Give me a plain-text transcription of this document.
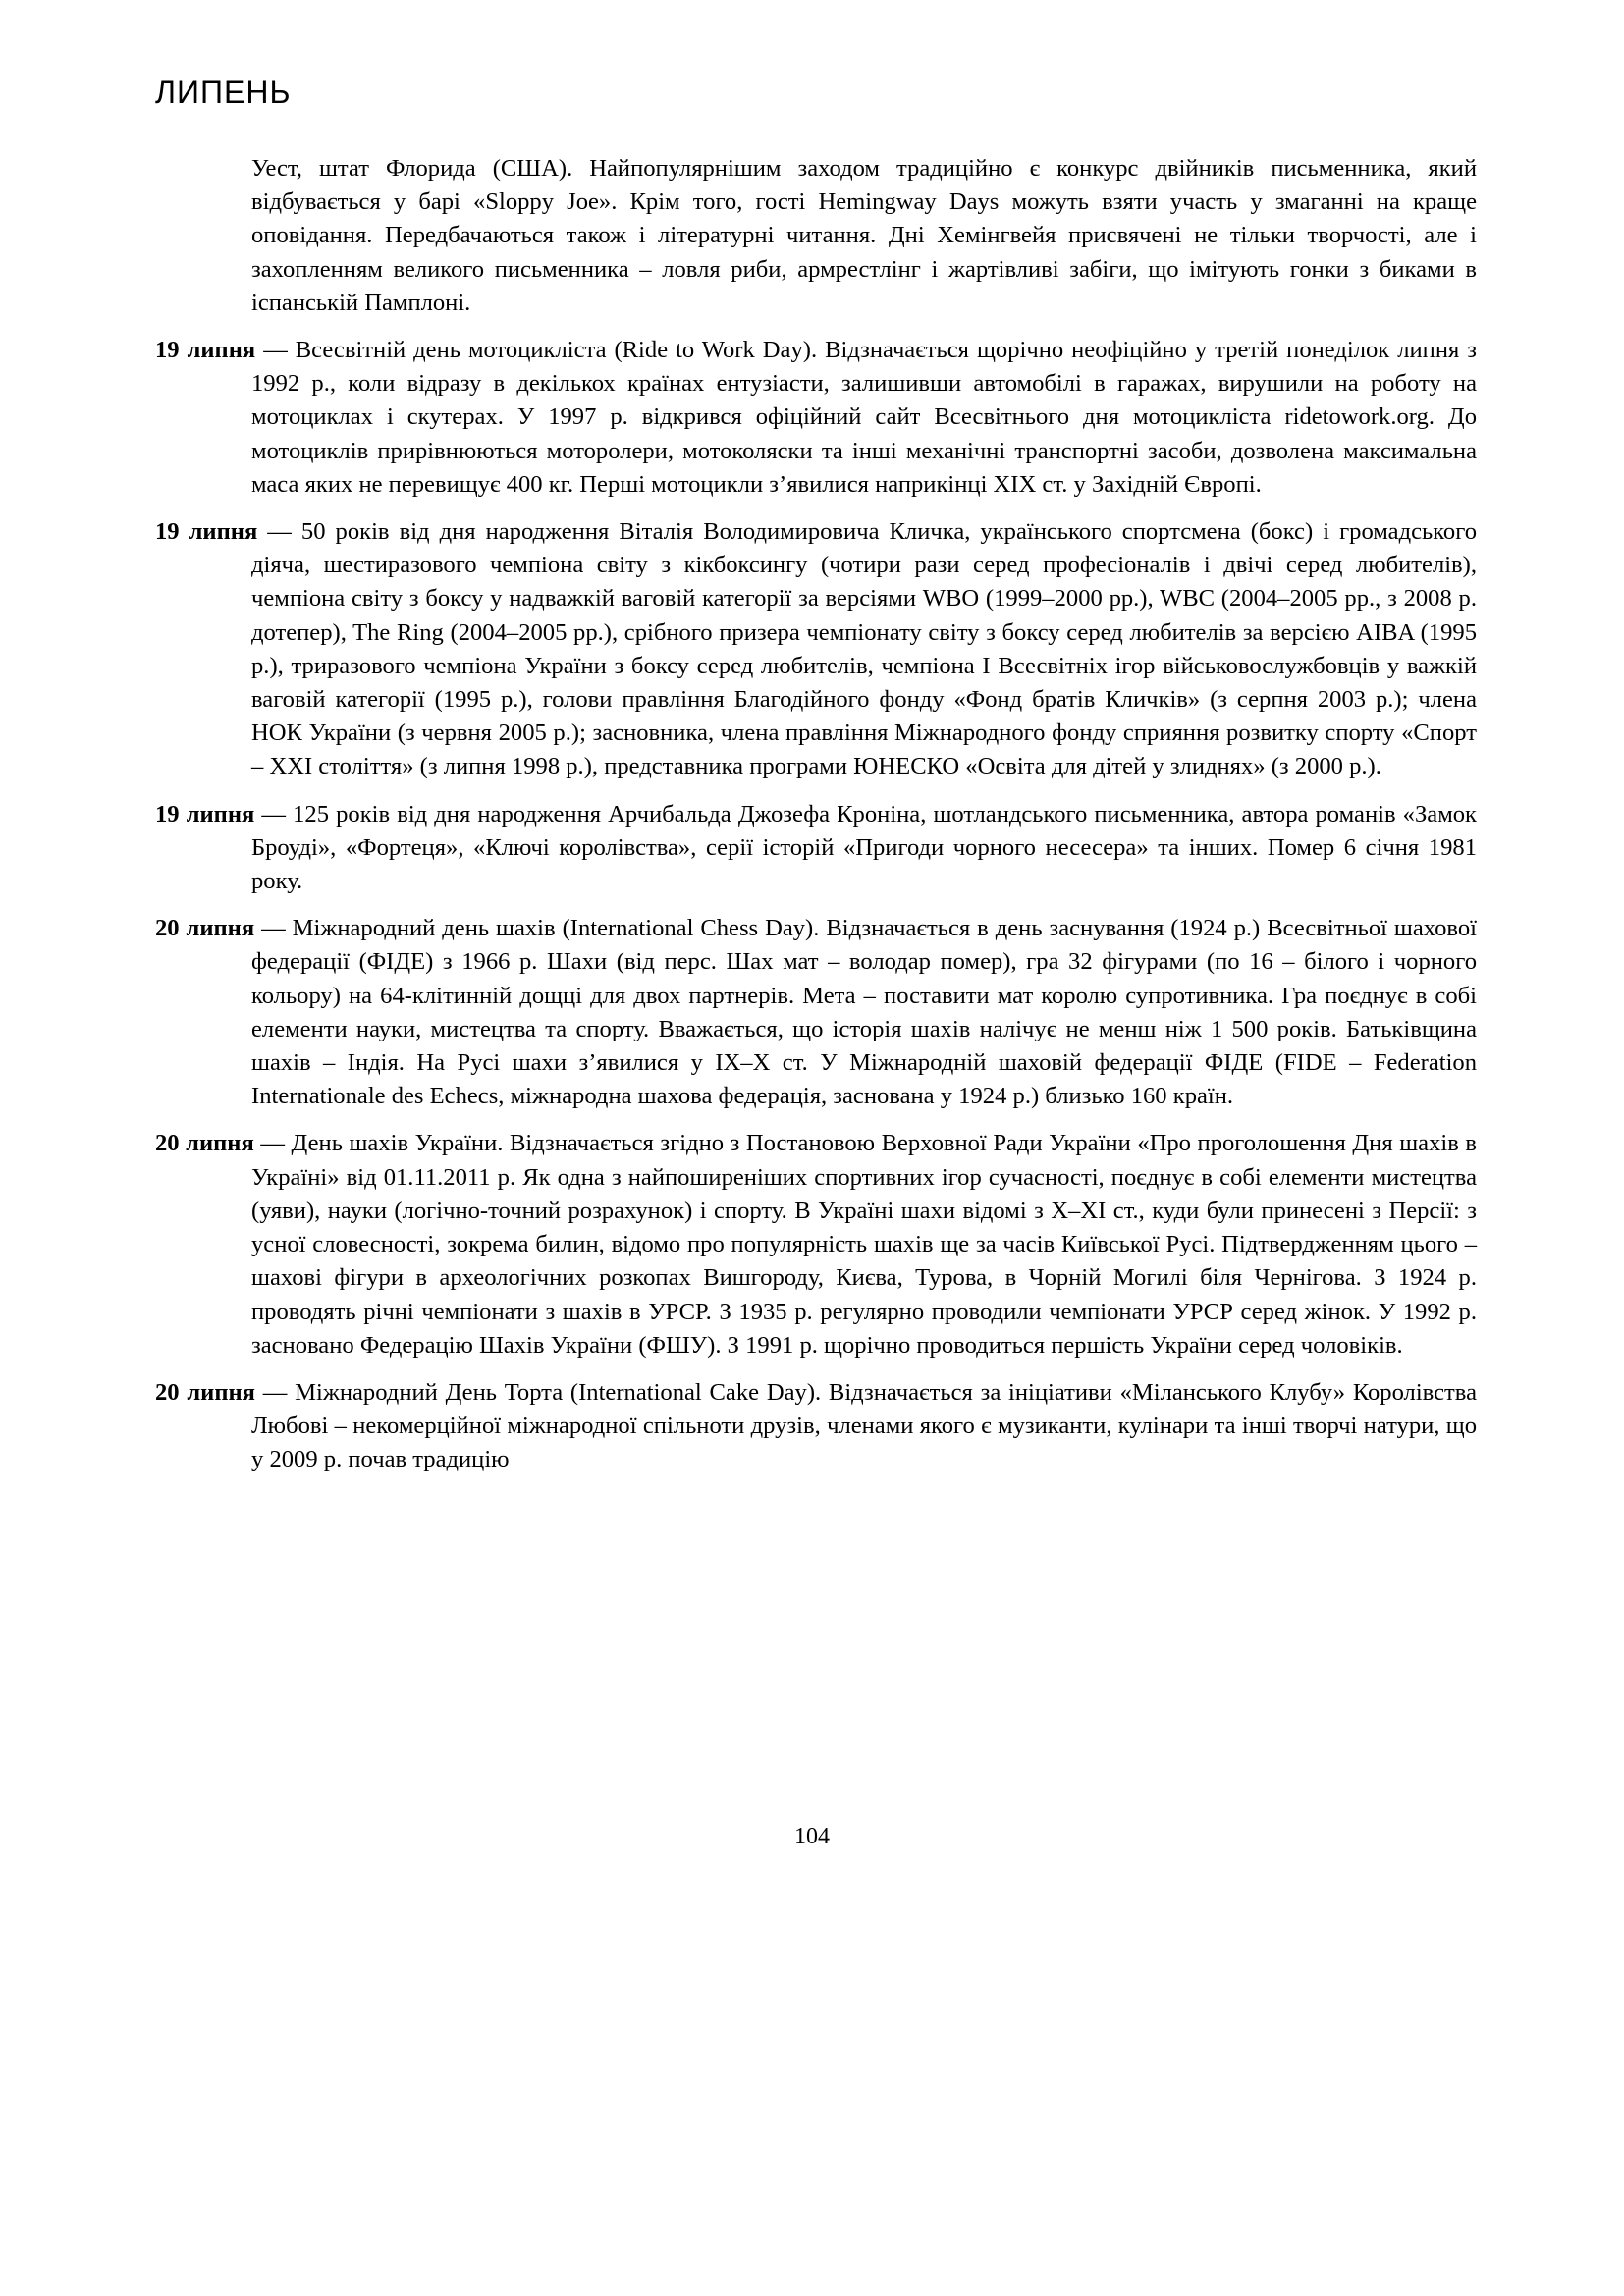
ЛИПЕНЬ

Уест, штат Флорида (США). Найпопулярнішим заходом традиційно є конкурс двійників письменника, який відбувається у барі «Sloppy Joe». Крім того, гості Hemingway Days можуть взяти участь у змаганні на краще оповідання. Передбачаються також і літературні читання. Дні Хемінгвейя присвячені не тільки творчості, але і захопленням великого письменника – ловля риби, армрестлінг і жартівливі забіги, що імітують гонки з биками в іспанській Памплоні.

19 липня — Всесвітній день мотоцикліста (Ride to Work Day). Відзначається щорічно неофіційно у третій понеділок липня з 1992 р., коли відразу в декількох країнах ентузіасти, залишивши автомобілі в гаражах, вирушили на роботу на мотоциклах і скутерах. У 1997 р. відкрився офіційний сайт Всесвітнього дня мотоцикліста ridetowork.org. До мотоциклів прирівнюються моторолери, мотоколяски та інші механічні транспортні засоби, дозволена максимальна маса яких не перевищує 400 кг. Перші мотоцикли з’явилися наприкінці XIX ст. у Західній Європі.

19 липня — 50 років від дня народження Віталія Володимировича Кличка, українського спортсмена (бокс) і громадського діяча, шестиразового чемпіона світу з кікбоксингу (чотири рази серед професіоналів і двічі серед любителів), чемпіона світу з боксу у надважкій ваговій категорії за версіями WBO (1999–2000 рр.), WBC (2004–2005 рр., з 2008 р. дотепер), The Ring (2004–2005 рр.), срібного призера чемпіонату світу з боксу серед любителів за версією AIBA (1995 р.), триразового чемпіона України з боксу серед любителів, чемпіона I Всесвітніх ігор військовослужбовців у важкій ваговій категорії (1995 р.), голови правління Благодійного фонду «Фонд братів Кличків» (з серпня 2003 р.); члена НОК України (з червня 2005 р.); засновника, члена правління Міжнародного фонду сприяння розвитку спорту «Спорт – XXI століття» (з липня 1998 р.), представника програми ЮНЕСКО «Освіта для дітей у злиднях» (з 2000 р.).

19 липня — 125 років від дня народження Арчибальда Джозефа Кроніна, шотландського письменника, автора романів «Замок Броуді», «Фортеця», «Ключі королівства», серії історій «Пригоди чорного несесера» та інших. Помер 6 січня 1981 року.

20 липня — Міжнародний день шахів (International Chess Day). Відзначається в день заснування (1924 р.) Всесвітньої шахової федерації (ФІДЕ) з 1966 р. Шахи (від перс. Шах мат – володар помер), гра 32 фігурами (по 16 – білого і чорного кольору) на 64-клітинній дощці для двох партнерів. Мета – поставити мат королю супротивника. Гра поєднує в собі елементи науки, мистецтва та спорту. Вважається, що історія шахів налічує не менш ніж 1 500 років. Батьківщина шахів – Індія. На Русі шахи з’явилися у IX–X ст. У Міжнародній шаховій федерації ФІДЕ (FIDE – Federation Internationale des Echecs, міжнародна шахова федерація, заснована у 1924 р.) близько 160 країн.

20 липня — День шахів України. Відзначається згідно з Постановою Верховної Ради України «Про проголошення Дня шахів в Україні» від 01.11.2011 р. Як одна з найпоширеніших спортивних ігор сучасності, поєднує в собі елементи мистецтва (уяви), науки (логічно-точний розрахунок) і спорту. В Україні шахи відомі з X–XI ст., куди були принесені з Персії: з усної словесності, зокрема билин, відомо про популярність шахів ще за часів Київської Русі. Підтвердженням цього – шахові фігури в археологічних розкопах Вишгороду, Києва, Турова, в Чорній Могилі біля Чернігова. З 1924 р. проводять річні чемпіонати з шахів в УРСР. З 1935 р. регулярно проводили чемпіонати УРСР серед жінок. У 1992 р. засновано Федерацію Шахів України (ФШУ). З 1991 р. щорічно проводиться першість України серед чоловіків.

20 липня — Міжнародний День Торта (International Cake Day). Відзначається за ініціативи «Міланського Клубу» Королівства Любові – некомерційної міжнародної спільноти друзів, членами якого є музиканти, кулінари та інші творчі натури, що у 2009 р. почав традицію

104
